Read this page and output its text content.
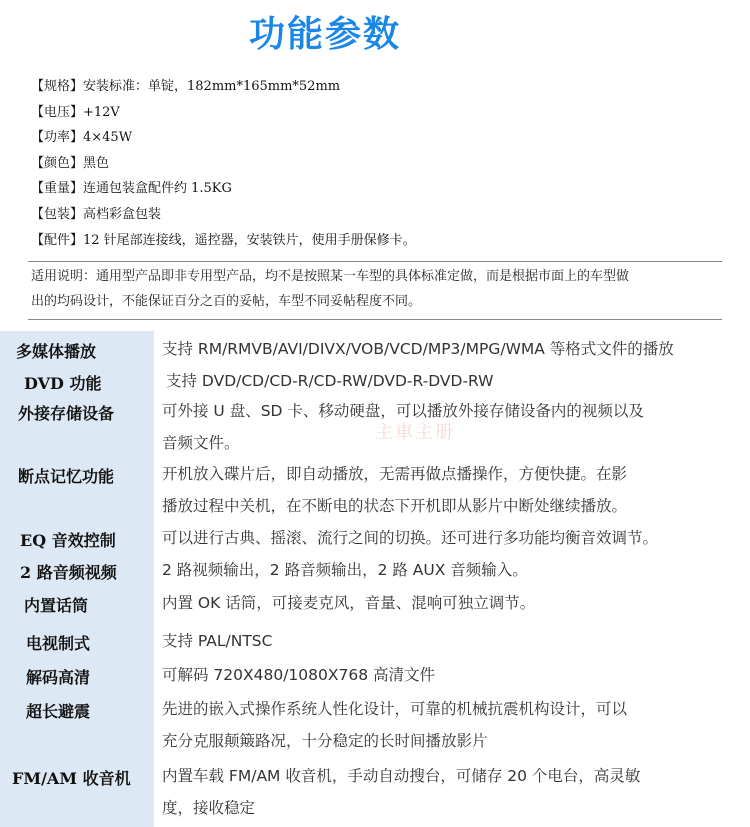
功能参数
【规格】安装标准：单锭，182mm*165mm*52mm
【电压】+12V
【功率】4×45W
【颜色】黑色
【重量】连通包装盒配件约 1.5KG
【包装】高档彩盒包装
【配件】12 针尾部连接线，遥控器，安装铁片，使用手册保修卡。
适用说明：通用型产品即非专用型产品，均不是按照某一车型的具体标准定做，而是根据市面上的车型做
出的均码设计，不能保证百分之百的妥帖，车型不同妥帖程度不同。
主車主册
多媒体播放	支持 RM/RMVB/AVI/DIVX/VOB/VCD/MP3/MPG/WMA 等格式文件的播放
DVD 功能	支持 DVD/CD/CD-R/CD-RW/DVD-R-DVD-RW
外接存储设备	可外接 U 盘、SD 卡、移动硬盘，可以播放外接存储设备内的视频以及
音频文件。
断点记忆功能	开机放入碟片后，即自动播放，无需再做点播操作，方便快捷。在影
播放过程中关机，在不断电的状态下开机即从影片中断处继续播放。
EQ 音效控制	可以进行古典、摇滚、流行之间的切换。还可进行多功能均衡音效调节。
2 路音频视频	2 路视频输出，2 路音频输出，2 路 AUX 音频输入。
内置话筒	内置 OK 话筒，可接麦克风，音量、混响可独立调节。
电视制式	支持 PAL/NTSC
解码高清	可解码 720X480/1080X768 高清文件
超长避震	先进的嵌入式操作系统人性化设计，可靠的机械抗震机构设计，可以
充分克服颠簸路况，十分稳定的长时间播放影片
FM/AM 收音机	内置车载 FM/AM 收音机，手动自动搜台，可储存 20 个电台，高灵敏
度，接收稳定
